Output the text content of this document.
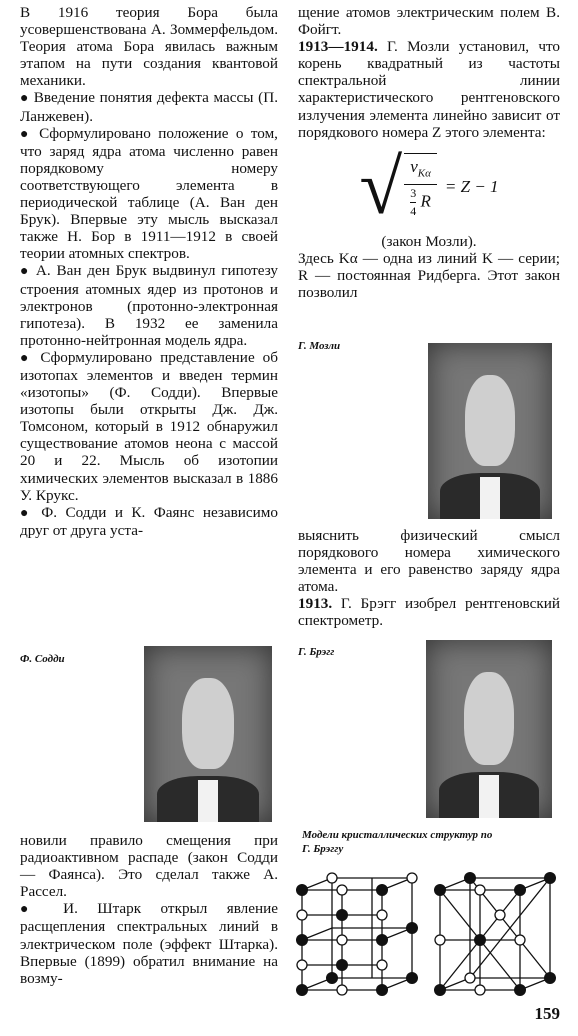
В 1916 теория Бора была усовершенствована А. Зоммерфельдом. Теория атома Бора явилась важным этапом на пути создания квантовой механики.

● Введение понятия дефекта массы (П. Ланжевен).

● Сформулировано положение о том, что заряд ядра атома численно равен порядковому номеру соответствующего элемента в периодической таблице (А. Ван ден Брук). Впервые эту мысль высказал также Н. Бор в 1911—1912 в своей теории атомных спектров.

● А. Ван ден Брук выдвинул гипотезу строения атомных ядер из протонов и электронов (протонно-электронная гипотеза). В 1932 ее заменила протонно-нейтронная модель ядра.

● Сформулировано представление об изотопах элементов и введен термин «изотопы» (Ф. Содди). Впервые изотопы были открыты Дж. Дж. Томсоном, который в 1912 обнаружил существование атомов неона с массой 20 и 22. Мысль об изотопии химических элементов высказал в 1886 У. Крукс.

● Ф. Содди и К. Фаянс независимо друг от друга уста-

Ф. Содди

новили правило смещения при радиоактивном распаде (закон Содди — Фаянса). Это сделал также А. Рассел.

● И. Штарк открыл явление расщепления спектральных линий в электрическом поле (эффект Штарка). Впервые (1899) обратил внимание на возму-

щение атомов электрическим полем В. Фойгт.

1913—1914. Г. Мозли установил, что корень квадратный из частоты спектральной линии характеристического рентгеновского излучения элемента линейно зависит от порядкового номера Z этого элемента:

√ $\frac{\nu_{K\alpha}}{\frac{3}{4} R} = Z - 1$

(закон Мозли).

Здесь Kα — одна из линий K — серии; R — постоянная Ридберга. Этот закон позволил

Г. Мозли

выяснить физический смысл порядкового номера химического элемента и его равенство заряду ядра атома.

1913. Г. Брэгг изобрел рентгеновский спектрометр.

Г. Брэгг
Модели кристаллических структур по Г. Брэггу
159
